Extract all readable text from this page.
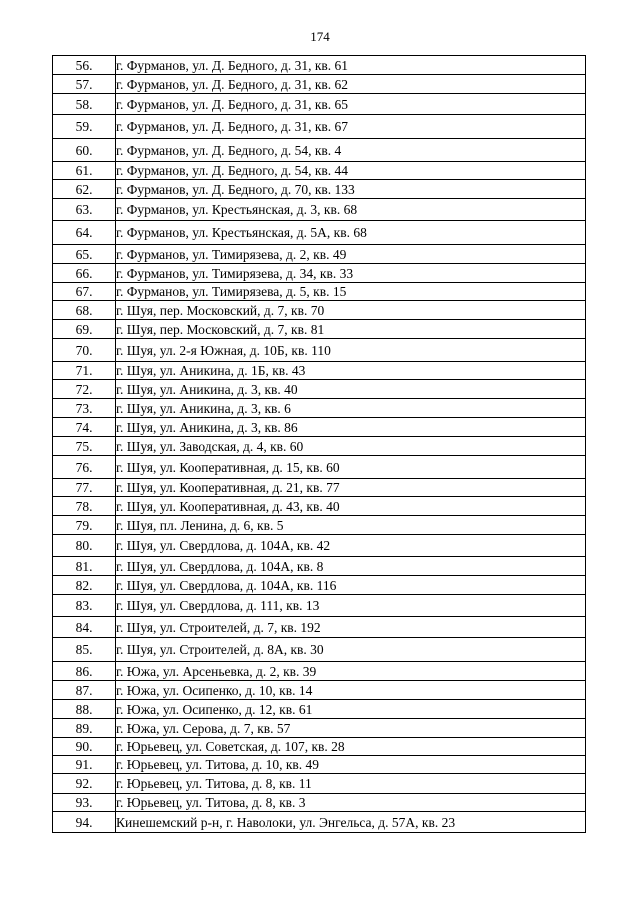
174
56.	г. Фурманов, ул. Д. Бедного, д. 31, кв. 61
57.	г. Фурманов, ул. Д. Бедного, д. 31, кв. 62
58.	г. Фурманов, ул. Д. Бедного, д. 31, кв. 65
59.	г. Фурманов, ул. Д. Бедного, д. 31, кв. 67
60.	г. Фурманов, ул. Д. Бедного, д. 54, кв. 4
61.	г. Фурманов, ул. Д. Бедного, д. 54, кв. 44
62.	г. Фурманов, ул. Д. Бедного, д. 70, кв. 133
63.	г. Фурманов, ул. Крестьянская, д. 3, кв. 68
64.	г. Фурманов, ул. Крестьянская, д. 5А, кв. 68
65.	г. Фурманов, ул. Тимирязева, д. 2, кв. 49
66.	г. Фурманов, ул. Тимирязева, д. 34, кв. 33
67.	г. Фурманов, ул. Тимирязева, д. 5, кв. 15
68.	г. Шуя, пер. Московский, д. 7, кв. 70
69.	г. Шуя, пер. Московский, д. 7, кв. 81
70.	г. Шуя, ул. 2-я Южная, д. 10Б, кв. 110
71.	г. Шуя, ул. Аникина, д. 1Б, кв. 43
72.	г. Шуя, ул. Аникина, д. 3, кв. 40
73.	г. Шуя, ул. Аникина, д. 3, кв. 6
74.	г. Шуя, ул. Аникина, д. 3, кв. 86
75.	г. Шуя, ул. Заводская, д. 4, кв. 60
76.	г. Шуя, ул. Кооперативная, д. 15, кв. 60
77.	г. Шуя, ул. Кооперативная, д. 21, кв. 77
78.	г. Шуя, ул. Кооперативная, д. 43, кв. 40
79.	г. Шуя, пл. Ленина, д. 6, кв. 5
80.	г. Шуя, ул. Свердлова, д. 104А, кв. 42
81.	г. Шуя, ул. Свердлова, д. 104А, кв. 8
82.	г. Шуя, ул. Свердлова, д. 104А, кв. 116
83.	г. Шуя, ул. Свердлова, д. 111, кв. 13
84.	г. Шуя, ул. Строителей, д. 7, кв. 192
85.	г. Шуя, ул. Строителей, д. 8А, кв. 30
86.	г. Южа, ул. Арсеньевка, д. 2, кв. 39
87.	г. Южа, ул. Осипенко, д. 10, кв. 14
88.	г. Южа, ул. Осипенко, д. 12, кв. 61
89.	г. Южа, ул. Серова, д. 7, кв. 57
90.	г. Юрьевец, ул. Советская, д. 107, кв. 28
91.	г. Юрьевец, ул. Титова, д. 10, кв. 49
92.	г. Юрьевец, ул. Титова, д. 8, кв. 11
93.	г. Юрьевец, ул. Титова, д. 8, кв. 3
94.	Кинешемский р-н, г. Наволоки, ул. Энгельса, д. 57А, кв. 23
